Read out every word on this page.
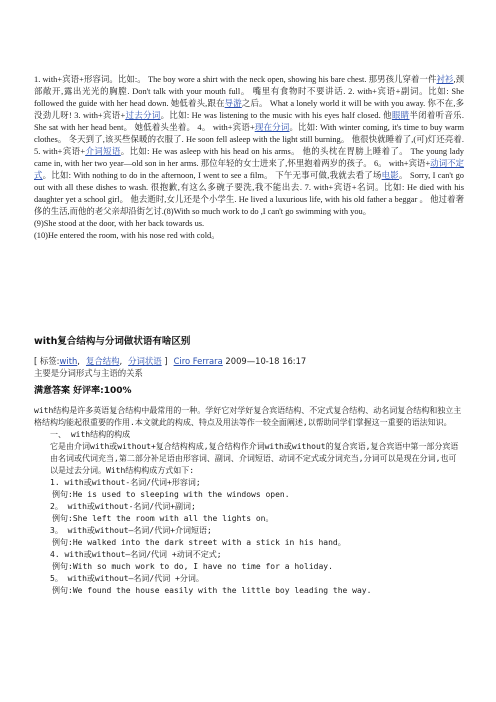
1. with+宾语+形容词。比如:。 The boy wore a shirt with the neck open, showing his bare chest. 那男孩儿穿着一件衬衫,颈部敞开,露出光光的胸膛. Don't talk with your mouth full。 嘴里有食物时不要讲话. 2. with+宾语+副词。比如: She followed the guide with her head down. 她低着头,跟在导游之后。 What a lonely world it will be with you away. 你不在,多没劲儿呀! 3. with+宾语+过去分词。比如: He was listening to the music with his eyes half closed. 他眼睛半闭着听音乐. She sat with her head bent。 她低着头坐着。 4。 with+宾语+现在分词。比如: With winter coming, it's time to buy warm clothes。 冬天到了,该买些保暖的衣服了. He soon fell asleep with the light still burning。 他很快就睡着了,(可)灯还亮着. 5. with+宾语+介词短语。比如: He was asleep with his head on his arms。 他的头枕在胃膀上睡着了。 The young lady came in, with her two year—old son in her arms. 那位年轻的女士进来了,怀里抱着两岁的孩子。 6。 with+宾语+动词不定式。比如: With nothing to do in the afternoon, I went to see a film。 下午无事可做,我就去看了场电影。 Sorry, I can't go out with all these dishes to wash. 很抱歉,有这么多碗子要洗,我不能出去. 7. with+宾语+名词。比如: He died with his daughter yet a school girl。 他去逝时,女儿还是个小学生. He lived a luxurious life, with his old father a beggar 。 他过着奢侈的生活,而他的老父亲却沿街乞讨.(8)With so much work to do ,I can't go swimming with you。

(9)She stood at the door, with her back towards us.

(10)He entered the room, with his nose red with cold。

with复合结构与分词做状语有啥区别
[ 标签:with, 复合结构, 分词状语 ] Ciro Ferrara 2009—10-18 16:17
主要是分词形式与主语的关系
满意答案 好评率:100%

with结构是许多英语复合结构中最常用的一种。学好它对学好复合宾语结构、不定式复合结构、动名词复合结构和独立主格结构均能起很重要的作用.本文就此的构成、特点及用法等作一较全面阐述,以帮助同学们掌握这一重要的语法知识。

一、 with结构的构成

它是由介词with或without+复合结构构成,复合结构作介词with或without的复合宾语,复合宾语中第一部分宾语由名词或代词充当,第二部分补足语由形容词、副词、介词短语、动词不定式或分词充当,分词可以是现在分词,也可以是过去分词。With结构构成方式如下:

1. with或without-名词/代词+形容词;

例句:He is used to sleeping with the windows open.

2。 with或without-名词/代词+副词;

例句:She left the room with all the lights on。

3。 with或without—名词/代词+介词短语;

例句:He walked into the dark street with a stick in his hand。

4. with或without—名词/代词 +动词不定式;

例句:With so much work to do, I have no time for a holiday.

5。 with或without—名词/代词 +分词。

例句:We found the house easily with the little boy leading the way.
